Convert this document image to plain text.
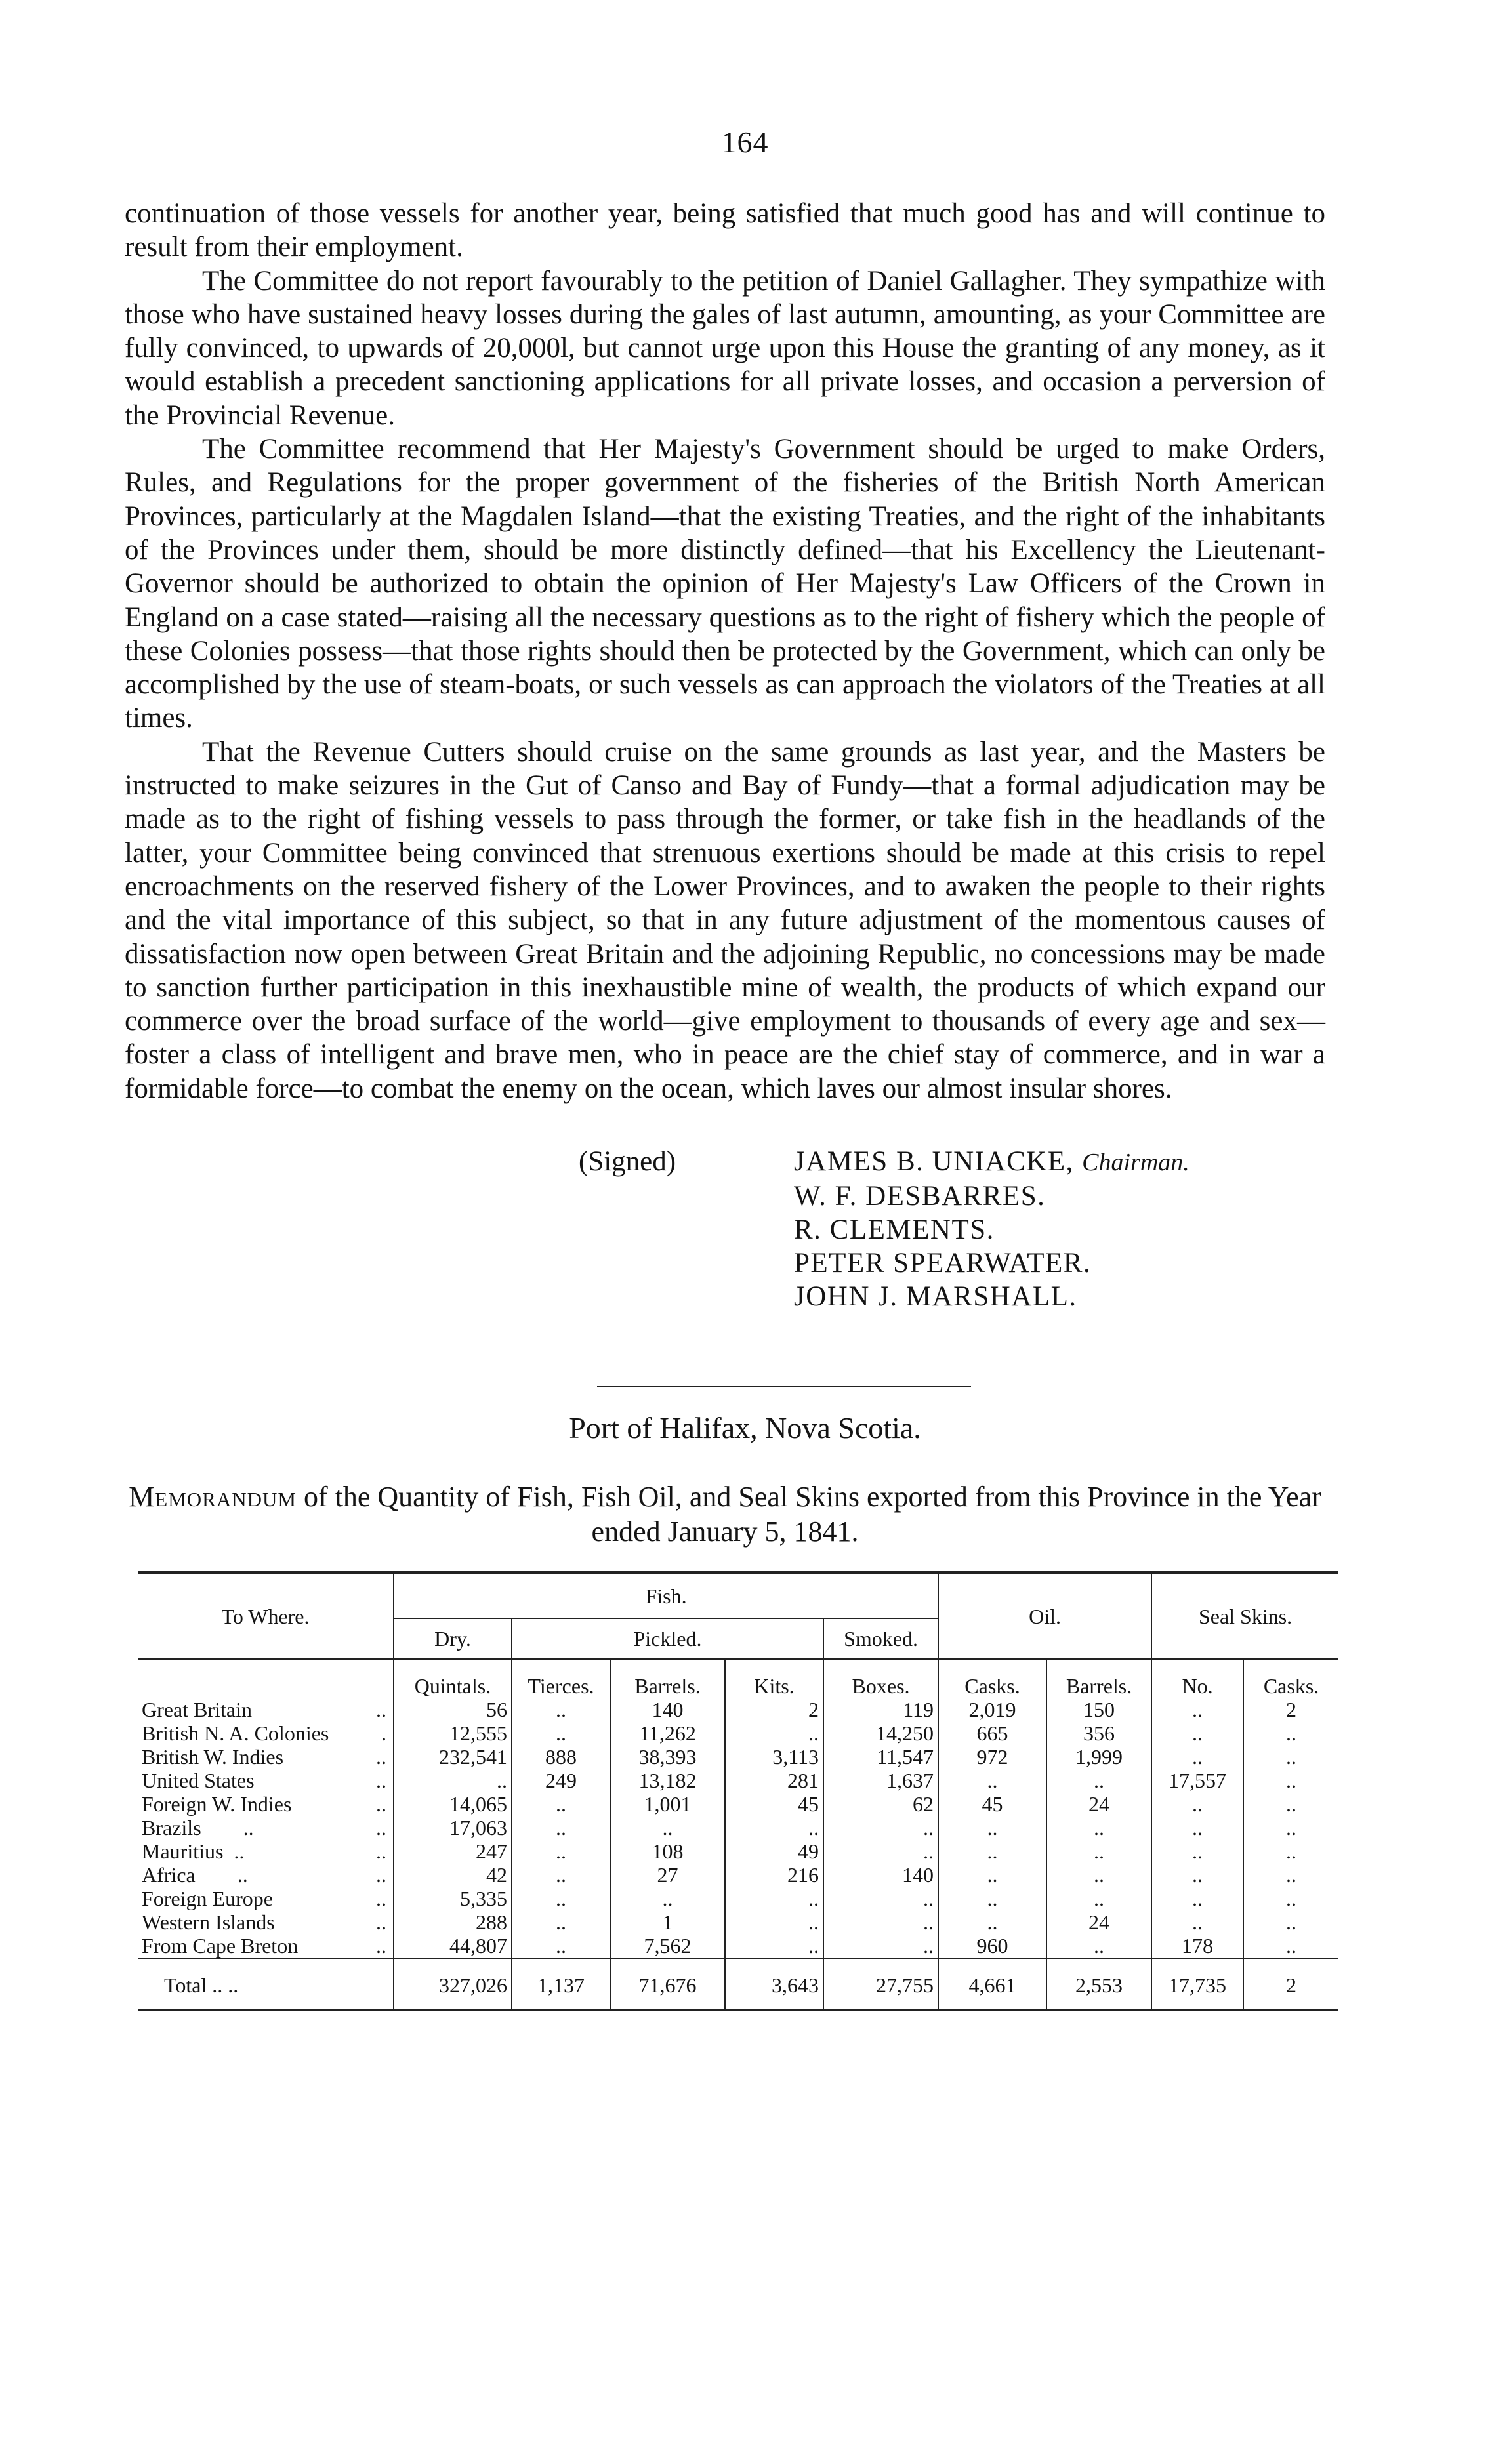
164

continuation of those vessels for another year, being satisfied that much good has and will continue to result from their employment.

The Committee do not report favourably to the petition of Daniel Gallagher. They sympathize with those who have sustained heavy losses during the gales of last autumn, amounting, as your Committee are fully convinced, to upwards of 20,000l, but cannot urge upon this House the granting of any money, as it would establish a precedent sanctioning applications for all private losses, and occasion a perversion of the Provincial Revenue.

The Committee recommend that Her Majesty's Government should be urged to make Orders, Rules, and Regulations for the proper government of the fisheries of the British North American Provinces, particularly at the Magdalen Island—that the existing Treaties, and the right of the inhabitants of the Provinces under them, should be more distinctly defined—that his Excellency the Lieutenant-Governor should be authorized to obtain the opinion of Her Majesty's Law Officers of the Crown in England on a case stated—raising all the necessary questions as to the right of fishery which the people of these Colonies possess—that those rights should then be protected by the Government, which can only be accomplished by the use of steam-boats, or such vessels as can approach the violators of the Treaties at all times.

That the Revenue Cutters should cruise on the same grounds as last year, and the Masters be instructed to make seizures in the Gut of Canso and Bay of Fundy—that a formal adjudication may be made as to the right of fishing vessels to pass through the former, or take fish in the headlands of the latter, your Committee being convinced that strenuous exertions should be made at this crisis to repel encroachments on the reserved fishery of the Lower Provinces, and to awaken the people to their rights and the vital importance of this subject, so that in any future adjustment of the momentous causes of dissatisfaction now open between Great Britain and the adjoining Republic, no concessions may be made to sanction further participation in this inexhaustible mine of wealth, the products of which expand our commerce over the broad surface of the world—give employment to thousands of every age and sex—foster a class of intelligent and brave men, who in peace are the chief stay of commerce, and in war a formidable force—to combat the enemy on the ocean, which laves our almost insular shores.

(Signed)	JAMES B. UNIACKE, Chairman.
W. F. DESBARRES.
R. CLEMENTS.
PETER SPEARWATER.
JOHN J. MARSHALL.
Port of Halifax, Nova Scotia.
Memorandum of the Quantity of Fish, Fish Oil, and Seal Skins exported from this Province in the Year ended January 5, 1841.
To Where.	Fish.					Oil.		Seal Skins.	
	Dry.	Pickled.			Smoked.				
	Quintals.	Tierces.	Barrels.	Kits.	Boxes.	Casks.	Barrels.	No.	Casks.
Great Britain ..	56	..	140	2	119	2,019	150	..	2
British N. A. Colonies .	12,555	..	11,262	..	14,250	665	356	..	..
British W. Indies ..	232,541	888	38,393	3,113	11,547	972	1,999	..	..
United States ..	..	249	13,182	281	1,637	..	..	17,557	..
Foreign W. Indies ..	14,065	..	1,001	45	62	45	24	..	..
Brazils        .. ..	17,063	..	..	..	..	..	..	..	..
Mauritius  .. ..	247	..	108	49	..	..	..	..	..
Africa        .. ..	42	..	27	216	140	..	..	..	..
Foreign Europe ..	5,335	..	..	..	..	..	..	..	..
Western Islands ..	288	..	1	..	..	..	24	..	..
From Cape Breton ..	44,807	..	7,562	..	..	960	..	178	..
Total .. ..	327,026	1,137	71,676	3,643	27,755	4,661	2,553	17,735	2
